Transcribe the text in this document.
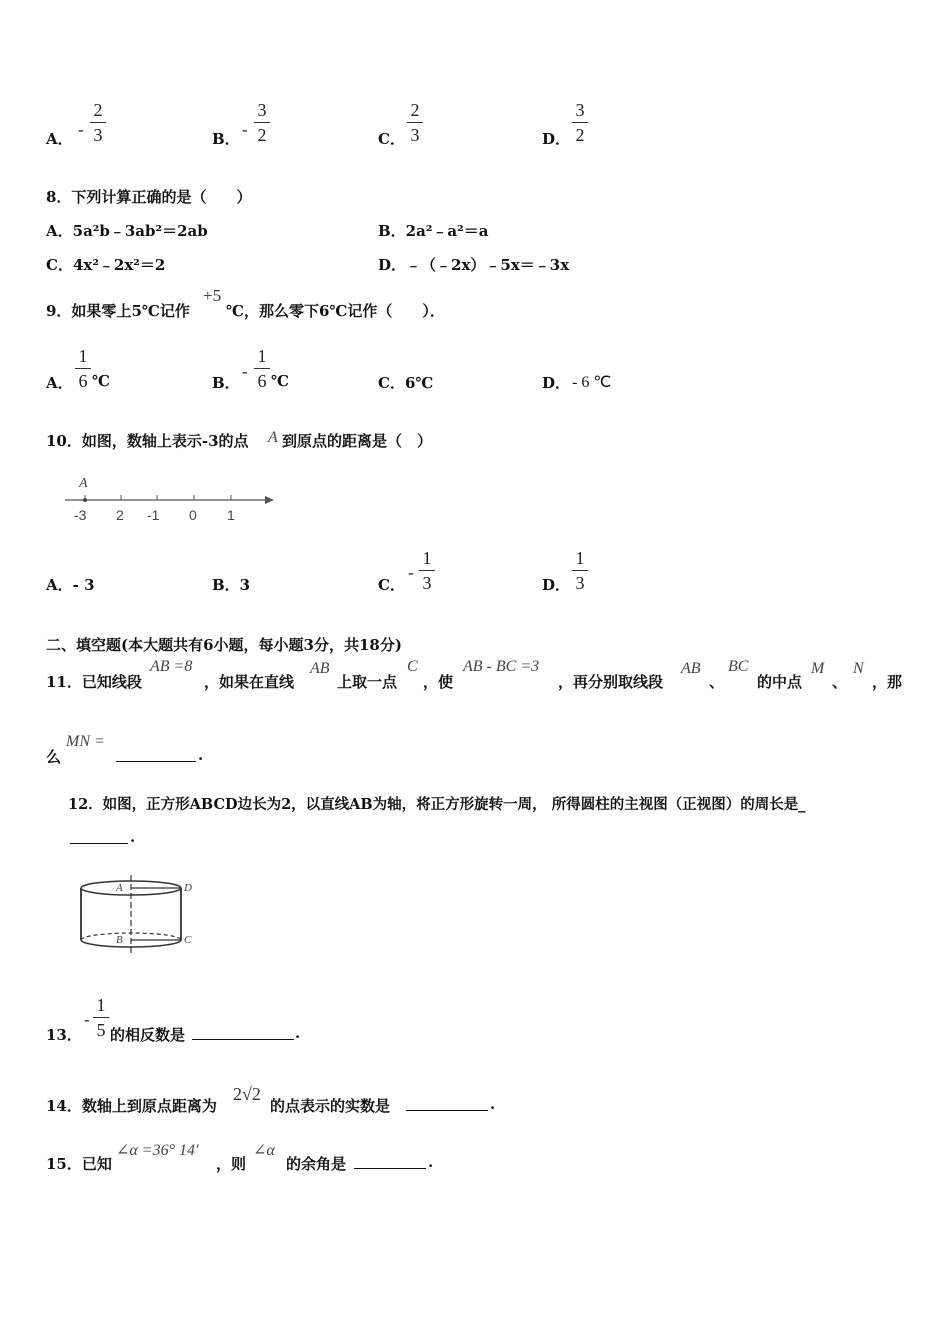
A． -
2
3	B． -
3
2	C．
2
3	D．
3
2
8．下列计算正确的是（　　）
A．5a²b﹣3ab²＝2ab	B．2a²﹣a²＝a
C．4x²﹣2x²＝2	D．﹣（﹣2x）﹣5x＝﹣3x
9．如果零上5℃记作
+5
℃，那么零下6℃记作（　　）．
A．
1
6 ℃	B．
-
1
6 ℃	C．6℃	D． - 6 ℃
10．如图，数轴上表示-3的点 A 到原点的距离是（　）
A
-3 2 -1 0 1
A．- 3	B．3	C．
-
1
3	D．
1
3
二、填空题(本大题共有6小题，每小题3分，共18分)
11．已知线段
AB =8
，如果在直线
AB
上取一点
C
，使
AB - BC =3
，再分别取线段
AB
、
BC
的中点
M
、
N
，那
么
MN =
.
12．如图，正方形ABCD边长为2，以直线AB为轴，将正方形旋转一周， 所得圆柱的主视图（正视图）的周长是_
.
A	D
B	C
13．
-
1
5 的相反数是	.
14．数轴上到原点距离为
2√2
的点表示的实数是	.
15．已知
∠α =36° 14′
，则
∠α
的余角是	.
